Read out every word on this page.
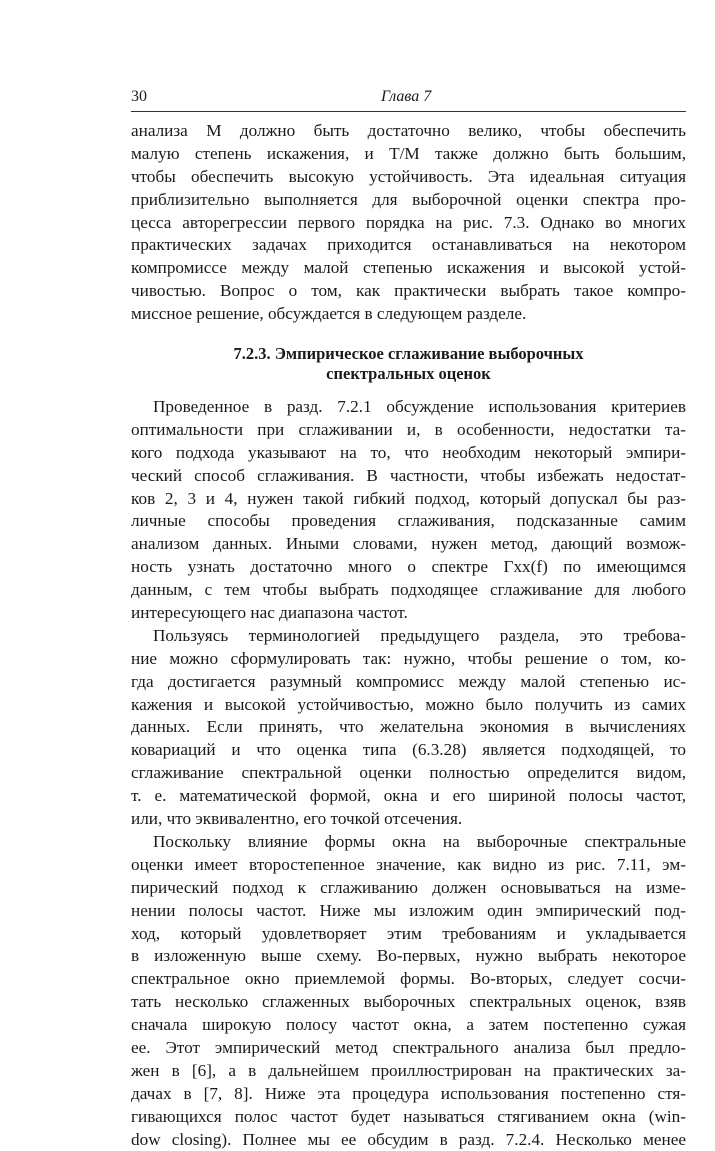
30	Глава 7
анализа M должно быть достаточно велико, чтобы обеспечить
малую степень искажения, и T/M также должно быть большим,
чтобы обеспечить высокую устойчивость. Эта идеальная ситуация
приблизительно выполняется для выборочной оценки спектра про-
цесса авторегрессии первого порядка на рис. 7.3. Однако во многих
практических задачах приходится останавливаться на некотором
компромиссе между малой степенью искажения и высокой устой-
чивостью. Вопрос о том, как практически выбрать такое компро-
миссное решение, обсуждается в следующем разделе.
7.2.3. Эмпирическое сглаживание выборочных
спектральных оценок
Проведенное в разд. 7.2.1 обсуждение использования критериев
оптимальности при сглаживании и, в особенности, недостатки та-
кого подхода указывают на то, что необходим некоторый эмпири-
ческий способ сглаживания. В частности, чтобы избежать недостат-
ков 2, 3 и 4, нужен такой гибкий подход, который допускал бы раз-
личные способы проведения сглаживания, подсказанные самим
анализом данных. Иными словами, нужен метод, дающий возмож-
ность узнать достаточно много о спектре Γxx(f) по имеющимся
данным, с тем чтобы выбрать подходящее сглаживание для любого
интересующего нас диапазона частот.
Пользуясь терминологией предыдущего раздела, это требова-
ние можно сформулировать так: нужно, чтобы решение о том, ко-
гда достигается разумный компромисс между малой степенью ис-
кажения и высокой устойчивостью, можно было получить из самих
данных. Если принять, что желательна экономия в вычислениях
ковариаций и что оценка типа (6.3.28) является подходящей, то
сглаживание спектральной оценки полностью определится видом,
т. е. математической формой, окна и его шириной полосы частот,
или, что эквивалентно, его точкой отсечения.
Поскольку влияние формы окна на выборочные спектральные
оценки имеет второстепенное значение, как видно из рис. 7.11, эм-
пирический подход к сглаживанию должен основываться на изме-
нении полосы частот. Ниже мы изложим один эмпирический под-
ход, который удовлетворяет этим требованиям и укладывается
в изложенную выше схему. Во-первых, нужно выбрать некоторое
спектральное окно приемлемой формы. Во-вторых, следует сосчи-
тать несколько сглаженных выборочных спектральных оценок, взяв
сначала широкую полосу частот окна, а затем постепенно сужая
ее. Этот эмпирический метод спектрального анализа был предло-
жен в [6], а в дальнейшем проиллюстрирован на практических за-
дачах в [7, 8]. Ниже эта процедура использования постепенно стя-
гивающихся полос частот будет называться стягиванием окна (win-
dow closing). Полнее мы ее обсудим в разд. 7.2.4. Несколько менее
